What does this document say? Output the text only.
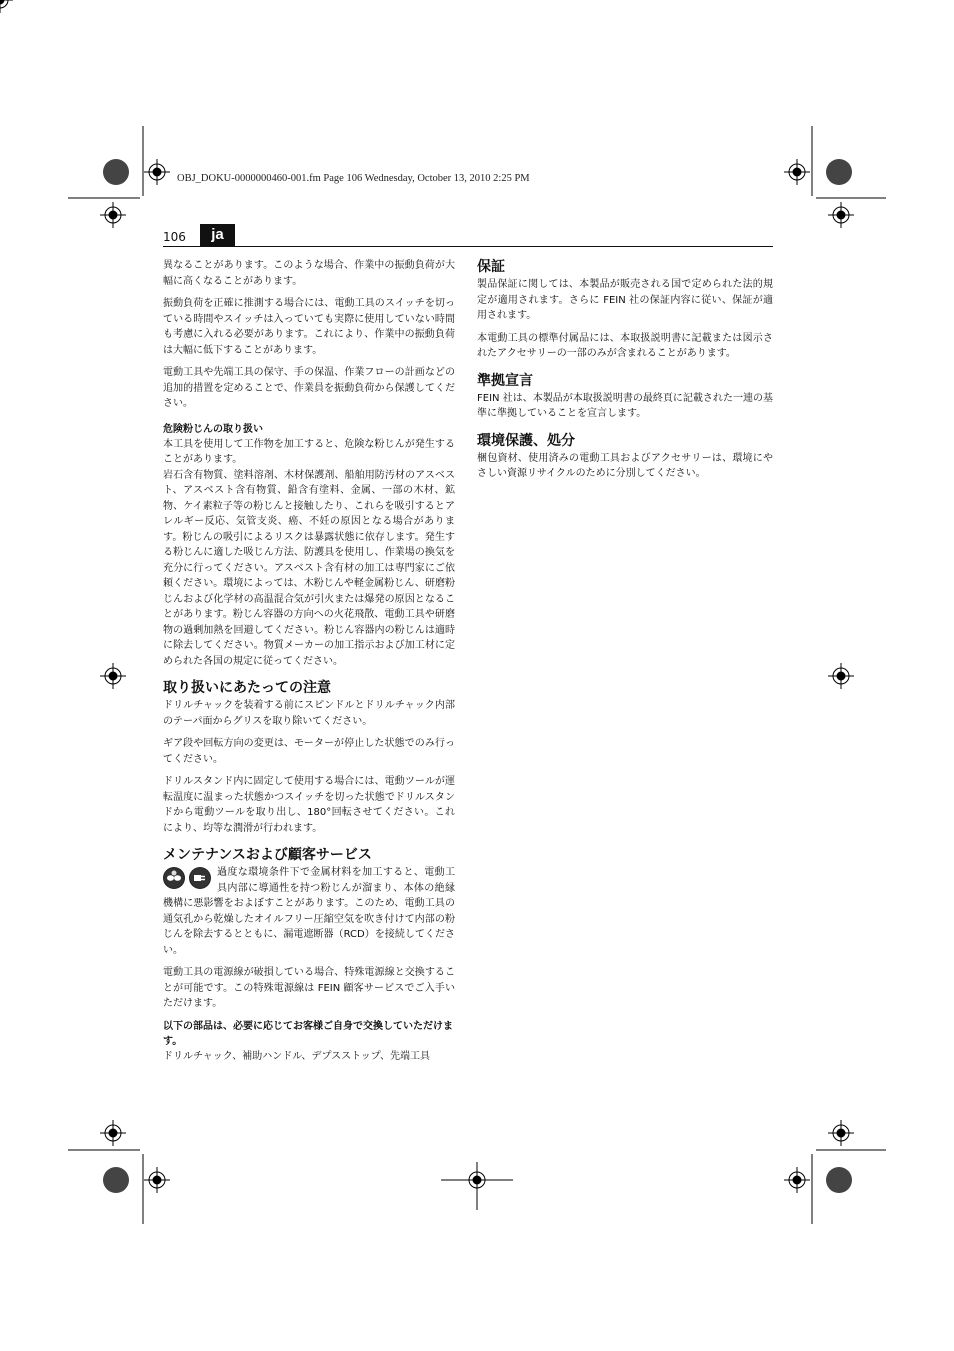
OBJ_DOKU-0000000460-001.fm Page 106 Wednesday, October 13, 2010 2:25 PM
106	ja

異なることがあります。このような場合、作業中の振動負荷が大幅に高くなることがあります。

振動負荷を正確に推測する場合には、電動工具のスイッチを切っている時間やスイッチは入っていても実際に使用していない時間も考慮に入れる必要があります。これにより、作業中の振動負荷は大幅に低下することがあります。

電動工具や先端工具の保守、手の保温、作業フローの計画などの追加的措置を定めることで、作業員を振動負荷から保護してください。

危険粉じんの取り扱い

本工具を使用して工作物を加工すると、危険な粉じんが発生することがあります。

岩石含有物質、塗料溶剤、木材保護剤、船舶用防汚材のアスベスト、アスベスト含有物質、鉛含有塗料、金属、一部の木材、鉱物、ケイ素粒子等の粉じんと接触したり、これらを吸引するとアレルギー反応、気管支炎、癌、不妊の原因となる場合があります。粉じんの吸引によるリスクは暴露状態に依存します。発生する粉じんに適した吸じん方法、防護具を使用し、作業場の換気を充分に行ってください。アスベスト含有材の加工は専門家にご依頼ください。環境によっては、木粉じんや軽金属粉じん、研磨粉じんおよび化学材の高温混合気が引火または爆発の原因となることがあります。粉じん容器の方向への火花飛散、電動工具や研磨物の過剰加熱を回避してください。粉じん容器内の粉じんは適時に除去してください。物質メーカーの加工指示および加工材に定められた各国の規定に従ってください。

取り扱いにあたっての注意

ドリルチャックを装着する前にスピンドルとドリルチャック内部のテーパ面からグリスを取り除いてください。

ギア段や回転方向の変更は、モーターが停止した状態でのみ行ってください。

ドリルスタンド内に固定して使用する場合には、電動ツールが運転温度に温まった状態かつスイッチを切った状態でドリルスタンドから電動ツールを取り出し、180°回転させてください。これにより、均等な潤滑が行われます。

メンテナンスおよび顧客サービス

過度な環境条件下で金属材料を加工すると、電動工具内部に導通性を持つ粉じんが溜まり、本体の絶縁機構に悪影響をおよぼすことがあります。このため、電動工具の通気孔から乾燥したオイルフリー圧縮空気を吹き付けて内部の粉じんを除去するとともに、漏電遮断器（RCD）を接続してください。

電動工具の電源線が破損している場合、特殊電源線と交換することが可能です。この特殊電源線は FEIN 顧客サービスでご入手いただけます。

以下の部品は、必要に応じてお客様ご自身で交換していただけます。

ドリルチャック、補助ハンドル、デプスストップ、先端工具

保証

製品保証に関しては、本製品が販売される国で定められた法的規定が適用されます。さらに FEIN 社の保証内容に従い、保証が適用されます。

本電動工具の標準付属品には、本取扱説明書に記載または図示されたアクセサリーの一部のみが含まれることがあります。

準拠宣言

FEIN 社は、本製品が本取扱説明書の最終頁に記載された一連の基準に準拠していることを宣言します。

環境保護、処分

梱包資材、使用済みの電動工具およびアクセサリーは、環境にやさしい資源リサイクルのために分別してください。
